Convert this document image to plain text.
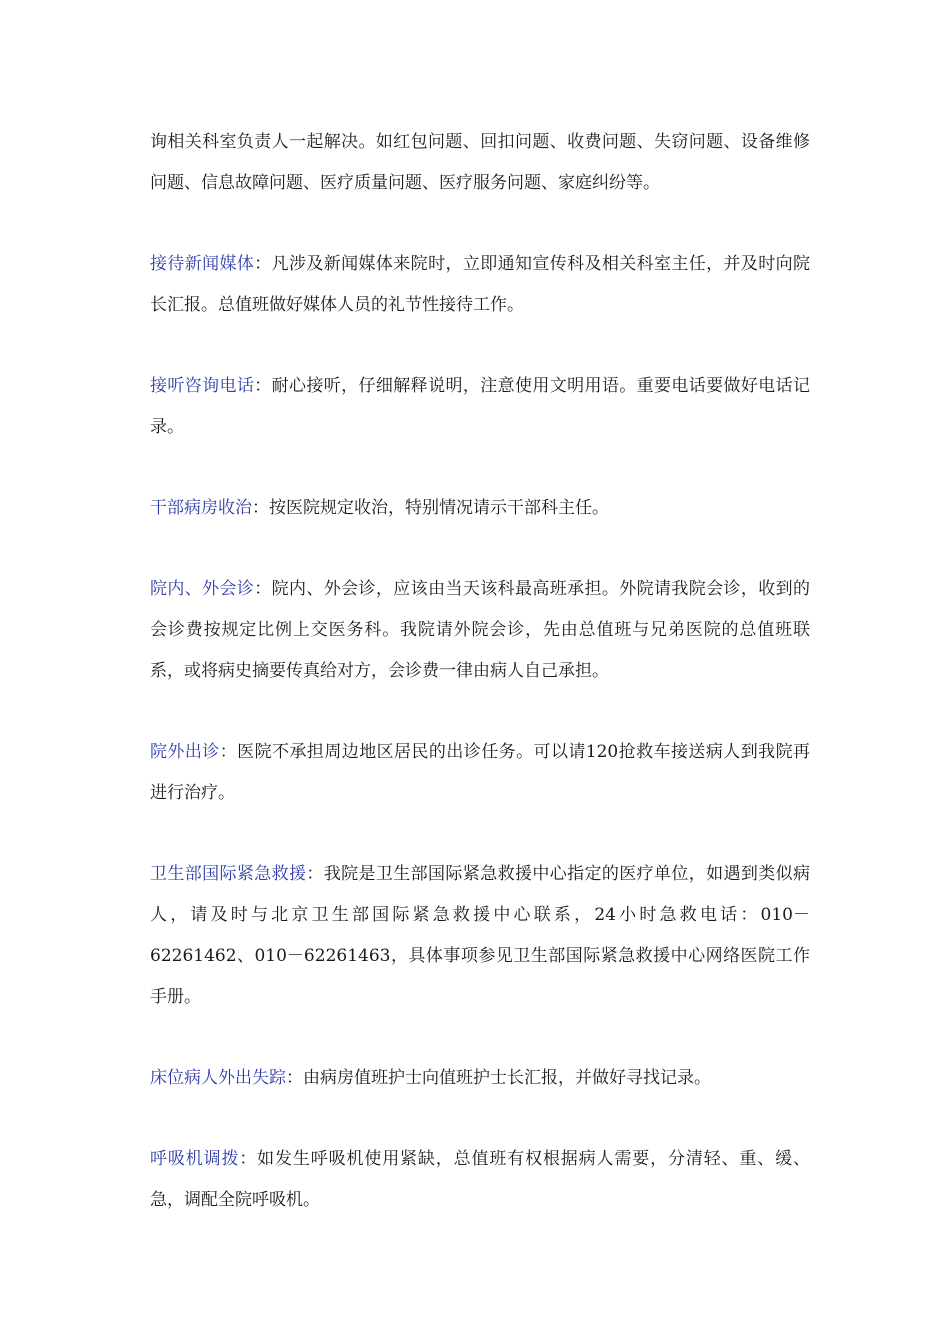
询相关科室负责人一起解决。如红包问题、回扣问题、收费问题、失窃问题、设备维修问题、信息故障问题、医疗质量问题、医疗服务问题、家庭纠纷等。

接待新闻媒体：凡涉及新闻媒体来院时，立即通知宣传科及相关科室主任，并及时向院长汇报。总值班做好媒体人员的礼节性接待工作。

接听咨询电话：耐心接听，仔细解释说明，注意使用文明用语。重要电话要做好电话记录。

干部病房收治：按医院规定收治，特别情况请示干部科主任。

院内、外会诊：院内、外会诊，应该由当天该科最高班承担。外院请我院会诊，收到的会诊费按规定比例上交医务科。我院请外院会诊，先由总值班与兄弟医院的总值班联系，或将病史摘要传真给对方，会诊费一律由病人自己承担。

院外出诊：医院不承担周边地区居民的出诊任务。可以请120抢救车接送病人到我院再进行治疗。

卫生部国际紧急救援：我院是卫生部国际紧急救援中心指定的医疗单位，如遇到类似病人，请及时与北京卫生部国际紧急救援中心联系，24小时急救电话：010－62261462、010－62261463，具体事项参见卫生部国际紧急救援中心网络医院工作手册。

床位病人外出失踪：由病房值班护士向值班护士长汇报，并做好寻找记录。

呼吸机调拨：如发生呼吸机使用紧缺，总值班有权根据病人需要，分清轻、重、缓、急，调配全院呼吸机。
